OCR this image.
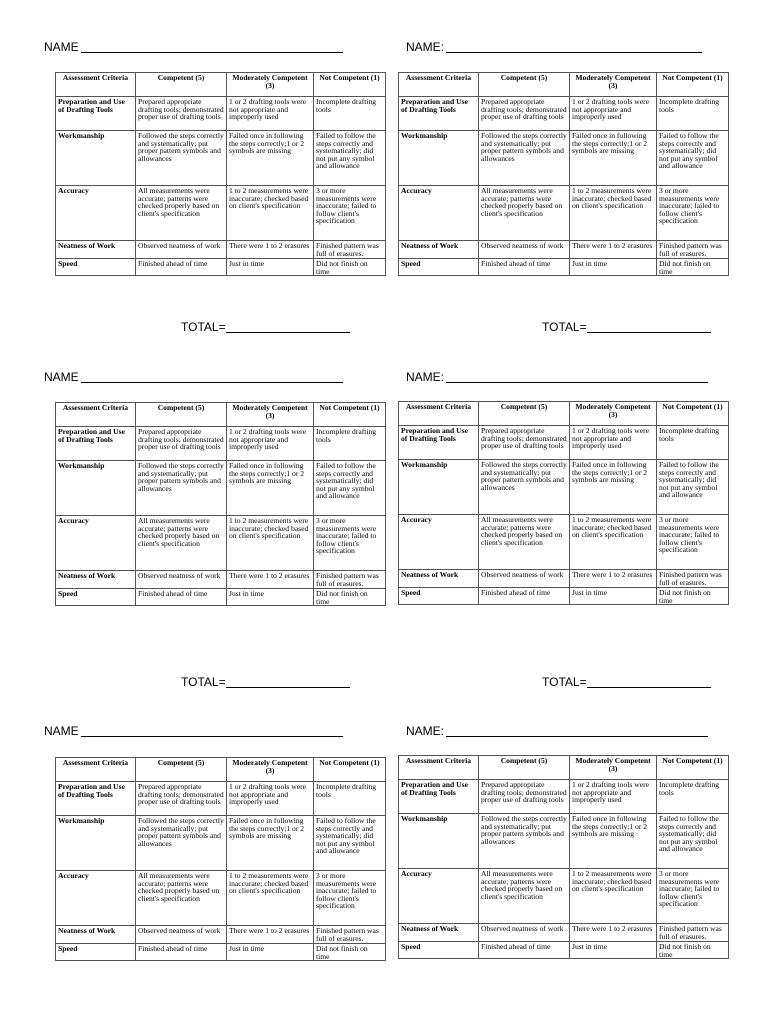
NAME
Assessment Criteria	Competent (5)	Moderately Competent (3)	Not Competent (1)
Preparation and Use of Drafting Tools	Prepared appropriate drafting tools; demonstrated proper use of drafting tools	1 or 2 drafting tools were not appropriate and improperly used	Incomplete drafting tools
Workmanship	Followed the steps correctly and systematically; put proper pattern symbols and allowances	Failed once in following the steps correctly;1 or 2 symbols are missing	Failed to follow the steps correctly and systematically; did not put any symbol and allowance
Accuracy	All measurements were accurate; patterns were checked properly based on client's specification	1 to 2 measurements were inaccurate; checked based on client's specification	3 or more measurements were inaccurate; failed to follow client's specification
Neatness of Work	Observed neatness of work	There were 1 to 2 erasures	Finished pattern was full of erasures.
Speed	Finished ahead of time	Just in time	Did not finish on time
TOTAL=
NAME:
Assessment Criteria	Competent (5)	Moderately Competent (3)	Not Competent (1)
Preparation and Use of Drafting Tools	Prepared appropriate drafting tools; demonstrated proper use of drafting tools	1 or 2 drafting tools were not appropriate and improperly used	Incomplete drafting tools
Workmanship	Followed the steps correctly and systematically; put proper pattern symbols and allowances	Failed once in following the steps correctly;1 or 2 symbols are missing	Failed to follow the steps correctly and systematically; did not put any symbol and allowance
Accuracy	All measurements were accurate; patterns were checked properly based on client's specification	1 to 2 measurements were inaccurate; checked based on client's specification	3 or more measurements were inaccurate; failed to follow client's specification
Neatness of Work	Observed neatness of work	There were 1 to 2 erasures	Finished pattern was full of erasures.
Speed	Finished ahead of time	Just in time	Did not finish on time
TOTAL=
NAME
Assessment Criteria	Competent (5)	Moderately Competent (3)	Not Competent (1)
Preparation and Use of Drafting Tools	Prepared appropriate drafting tools; demonstrated proper use of drafting tools	1 or 2 drafting tools were not appropriate and improperly used	Incomplete drafting tools
Workmanship	Followed the steps correctly and systematically; put proper pattern symbols and allowances	Failed once in following the steps correctly;1 or 2 symbols are missing	Failed to follow the steps correctly and systematically; did not put any symbol and allowance
Accuracy	All measurements were accurate; patterns were checked properly based on client's specification	1 to 2 measurements were inaccurate; checked based on client's specification	3 or more measurements were inaccurate; failed to follow client's specification
Neatness of Work	Observed neatness of work	There were 1 to 2 erasures	Finished pattern was full of erasures.
Speed	Finished ahead of time	Just in time	Did not finish on time
TOTAL=
NAME:
Assessment Criteria	Competent (5)	Moderately Competent (3)	Not Competent (1)
Preparation and Use of Drafting Tools	Prepared appropriate drafting tools; demonstrated proper use of drafting tools	1 or 2 drafting tools were not appropriate and improperly used	Incomplete drafting tools
Workmanship	Followed the steps correctly and systematically; put proper pattern symbols and allowances	Failed once in following the steps correctly;1 or 2 symbols are missing	Failed to follow the steps correctly and systematically; did not put any symbol and allowance
Accuracy	All measurements were accurate; patterns were checked properly based on client's specification	1 to 2 measurements were inaccurate; checked based on client's specification	3 or more measurements were inaccurate; failed to follow client's specification
Neatness of Work	Observed neatness of work	There were 1 to 2 erasures	Finished pattern was full of erasures.
Speed	Finished ahead of time	Just in time	Did not finish on time
TOTAL=
NAME
Assessment Criteria	Competent (5)	Moderately Competent (3)	Not Competent (1)
Preparation and Use of Drafting Tools	Prepared appropriate drafting tools; demonstrated proper use of drafting tools	1 or 2 drafting tools were not appropriate and improperly used	Incomplete drafting tools
Workmanship	Followed the steps correctly and systematically; put proper pattern symbols and allowances	Failed once in following the steps correctly;1 or 2 symbols are missing	Failed to follow the steps correctly and systematically; did not put any symbol and allowance
Accuracy	All measurements were accurate; patterns were checked properly based on client's specification	1 to 2 measurements were inaccurate; checked based on client's specification	3 or more measurements were inaccurate; failed to follow client's specification
Neatness of Work	Observed neatness of work	There were 1 to 2 erasures	Finished pattern was full of erasures.
Speed	Finished ahead of time	Just in time	Did not finish on time
NAME:
Assessment Criteria	Competent (5)	Moderately Competent (3)	Not Competent (1)
Preparation and Use of Drafting Tools	Prepared appropriate drafting tools; demonstrated proper use of drafting tools	1 or 2 drafting tools were not appropriate and improperly used	Incomplete drafting tools
Workmanship	Followed the steps correctly and systematically; put proper pattern symbols and allowances	Failed once in following the steps correctly;1 or 2 symbols are missing	Failed to follow the steps correctly and systematically; did not put any symbol and allowance
Accuracy	All measurements were accurate; patterns were checked properly based on client's specification	1 to 2 measurements were inaccurate; checked based on client's specification	3 or more measurements were inaccurate; failed to follow client's specification
Neatness of Work	Observed neatness of work	There were 1 to 2 erasures	Finished pattern was full of erasures.
Speed	Finished ahead of time	Just in time	Did not finish on time
